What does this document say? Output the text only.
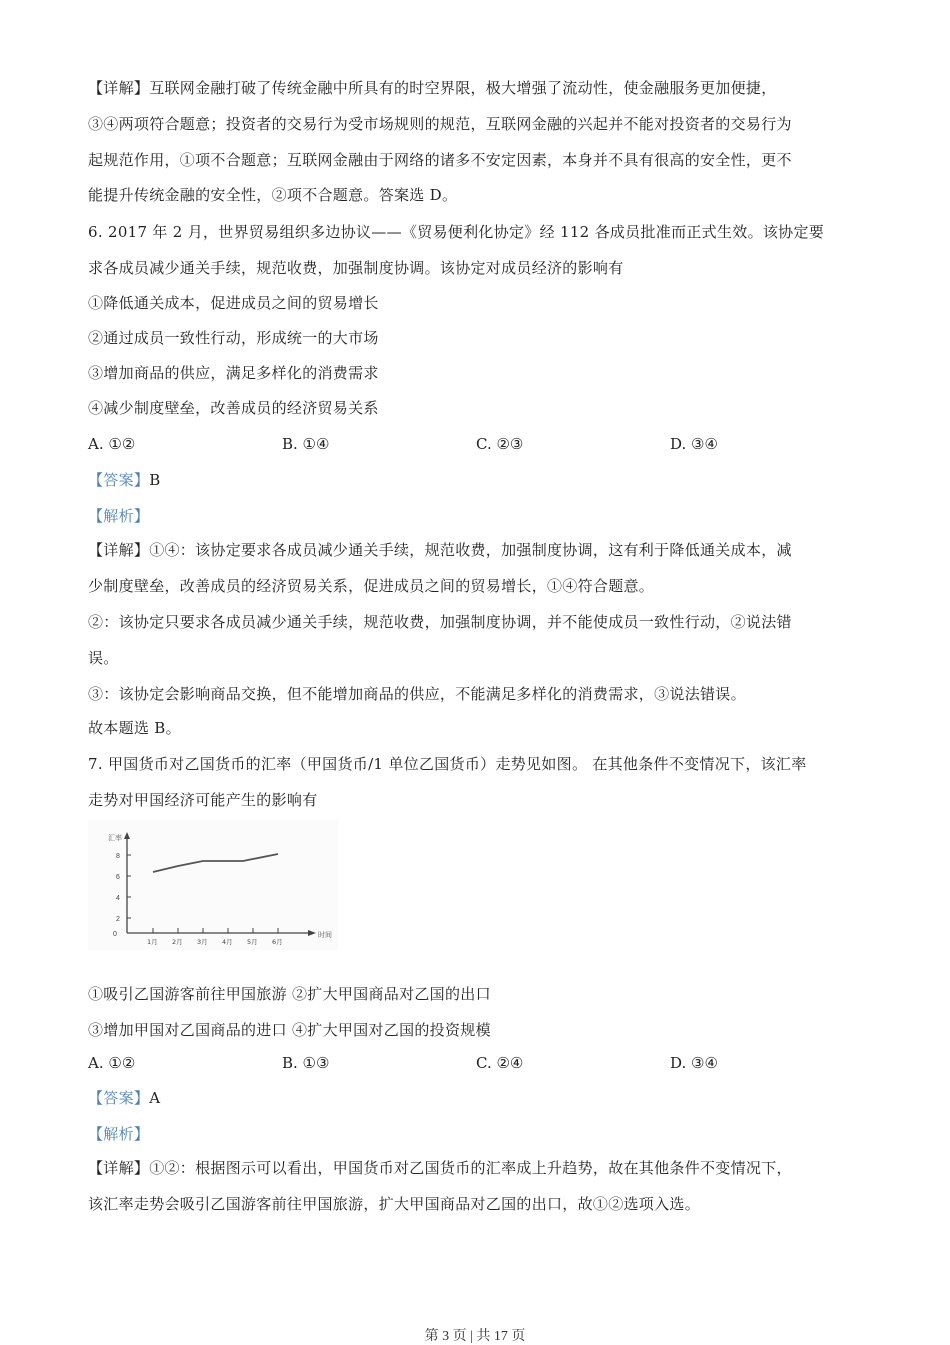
【详解】互联网金融打破了传统金融中所具有的时空界限，极大增强了流动性，使金融服务更加便捷，
③④两项符合题意；投资者的交易行为受市场规则的规范，互联网金融的兴起并不能对投资者的交易行为
起规范作用，①项不合题意；互联网金融由于网络的诸多不安定因素，本身并不具有很高的安全性，更不
能提升传统金融的安全性，②项不合题意。答案选 D。
6. 2017 年 2 月，世界贸易组织多边协议——《贸易便利化协定》经 112 各成员批准而正式生效。该协定要
求各成员减少通关手续，规范收费，加强制度协调。该协定对成员经济的影响有
①降低通关成本，促进成员之间的贸易增长
②通过成员一致性行动，形成统一的大市场
③增加商品的供应，满足多样化的消费需求
④减少制度壁垒，改善成员的经济贸易关系
A. ①②	B. ①④	C. ②③	D. ③④
【答案】B
【解析】
【详解】①④：该协定要求各成员减少通关手续，规范收费，加强制度协调，这有利于降低通关成本，减
少制度壁垒，改善成员的经济贸易关系，促进成员之间的贸易增长，①④符合题意。
②：该协定只要求各成员减少通关手续，规范收费，加强制度协调，并不能使成员一致性行动，②说法错
误。
③：该协定会影响商品交换，但不能增加商品的供应，不能满足多样化的消费需求，③说法错误。
故本题选 B。
7. 甲国货币对乙国货币的汇率（甲国货币/1 单位乙国货币）走势见如图。 在其他条件不变情况下，该汇率
走势对甲国经济可能产生的影响有
8
6
4
2
0
汇率
1月 2月 3月 4月 5月 6月
时间
①吸引乙国游客前往甲国旅游 ②扩大甲国商品对乙国的出口
③增加甲国对乙国商品的进口 ④扩大甲国对乙国的投资规模
A. ①②	B. ①③	C. ②④	D. ③④
【答案】A
【解析】
【详解】①②：根据图示可以看出，甲国货币对乙国货币的汇率成上升趋势，故在其他条件不变情况下，
该汇率走势会吸引乙国游客前往甲国旅游，扩大甲国商品对乙国的出口，故①②选项入选。
第 3 页 | 共 17 页
